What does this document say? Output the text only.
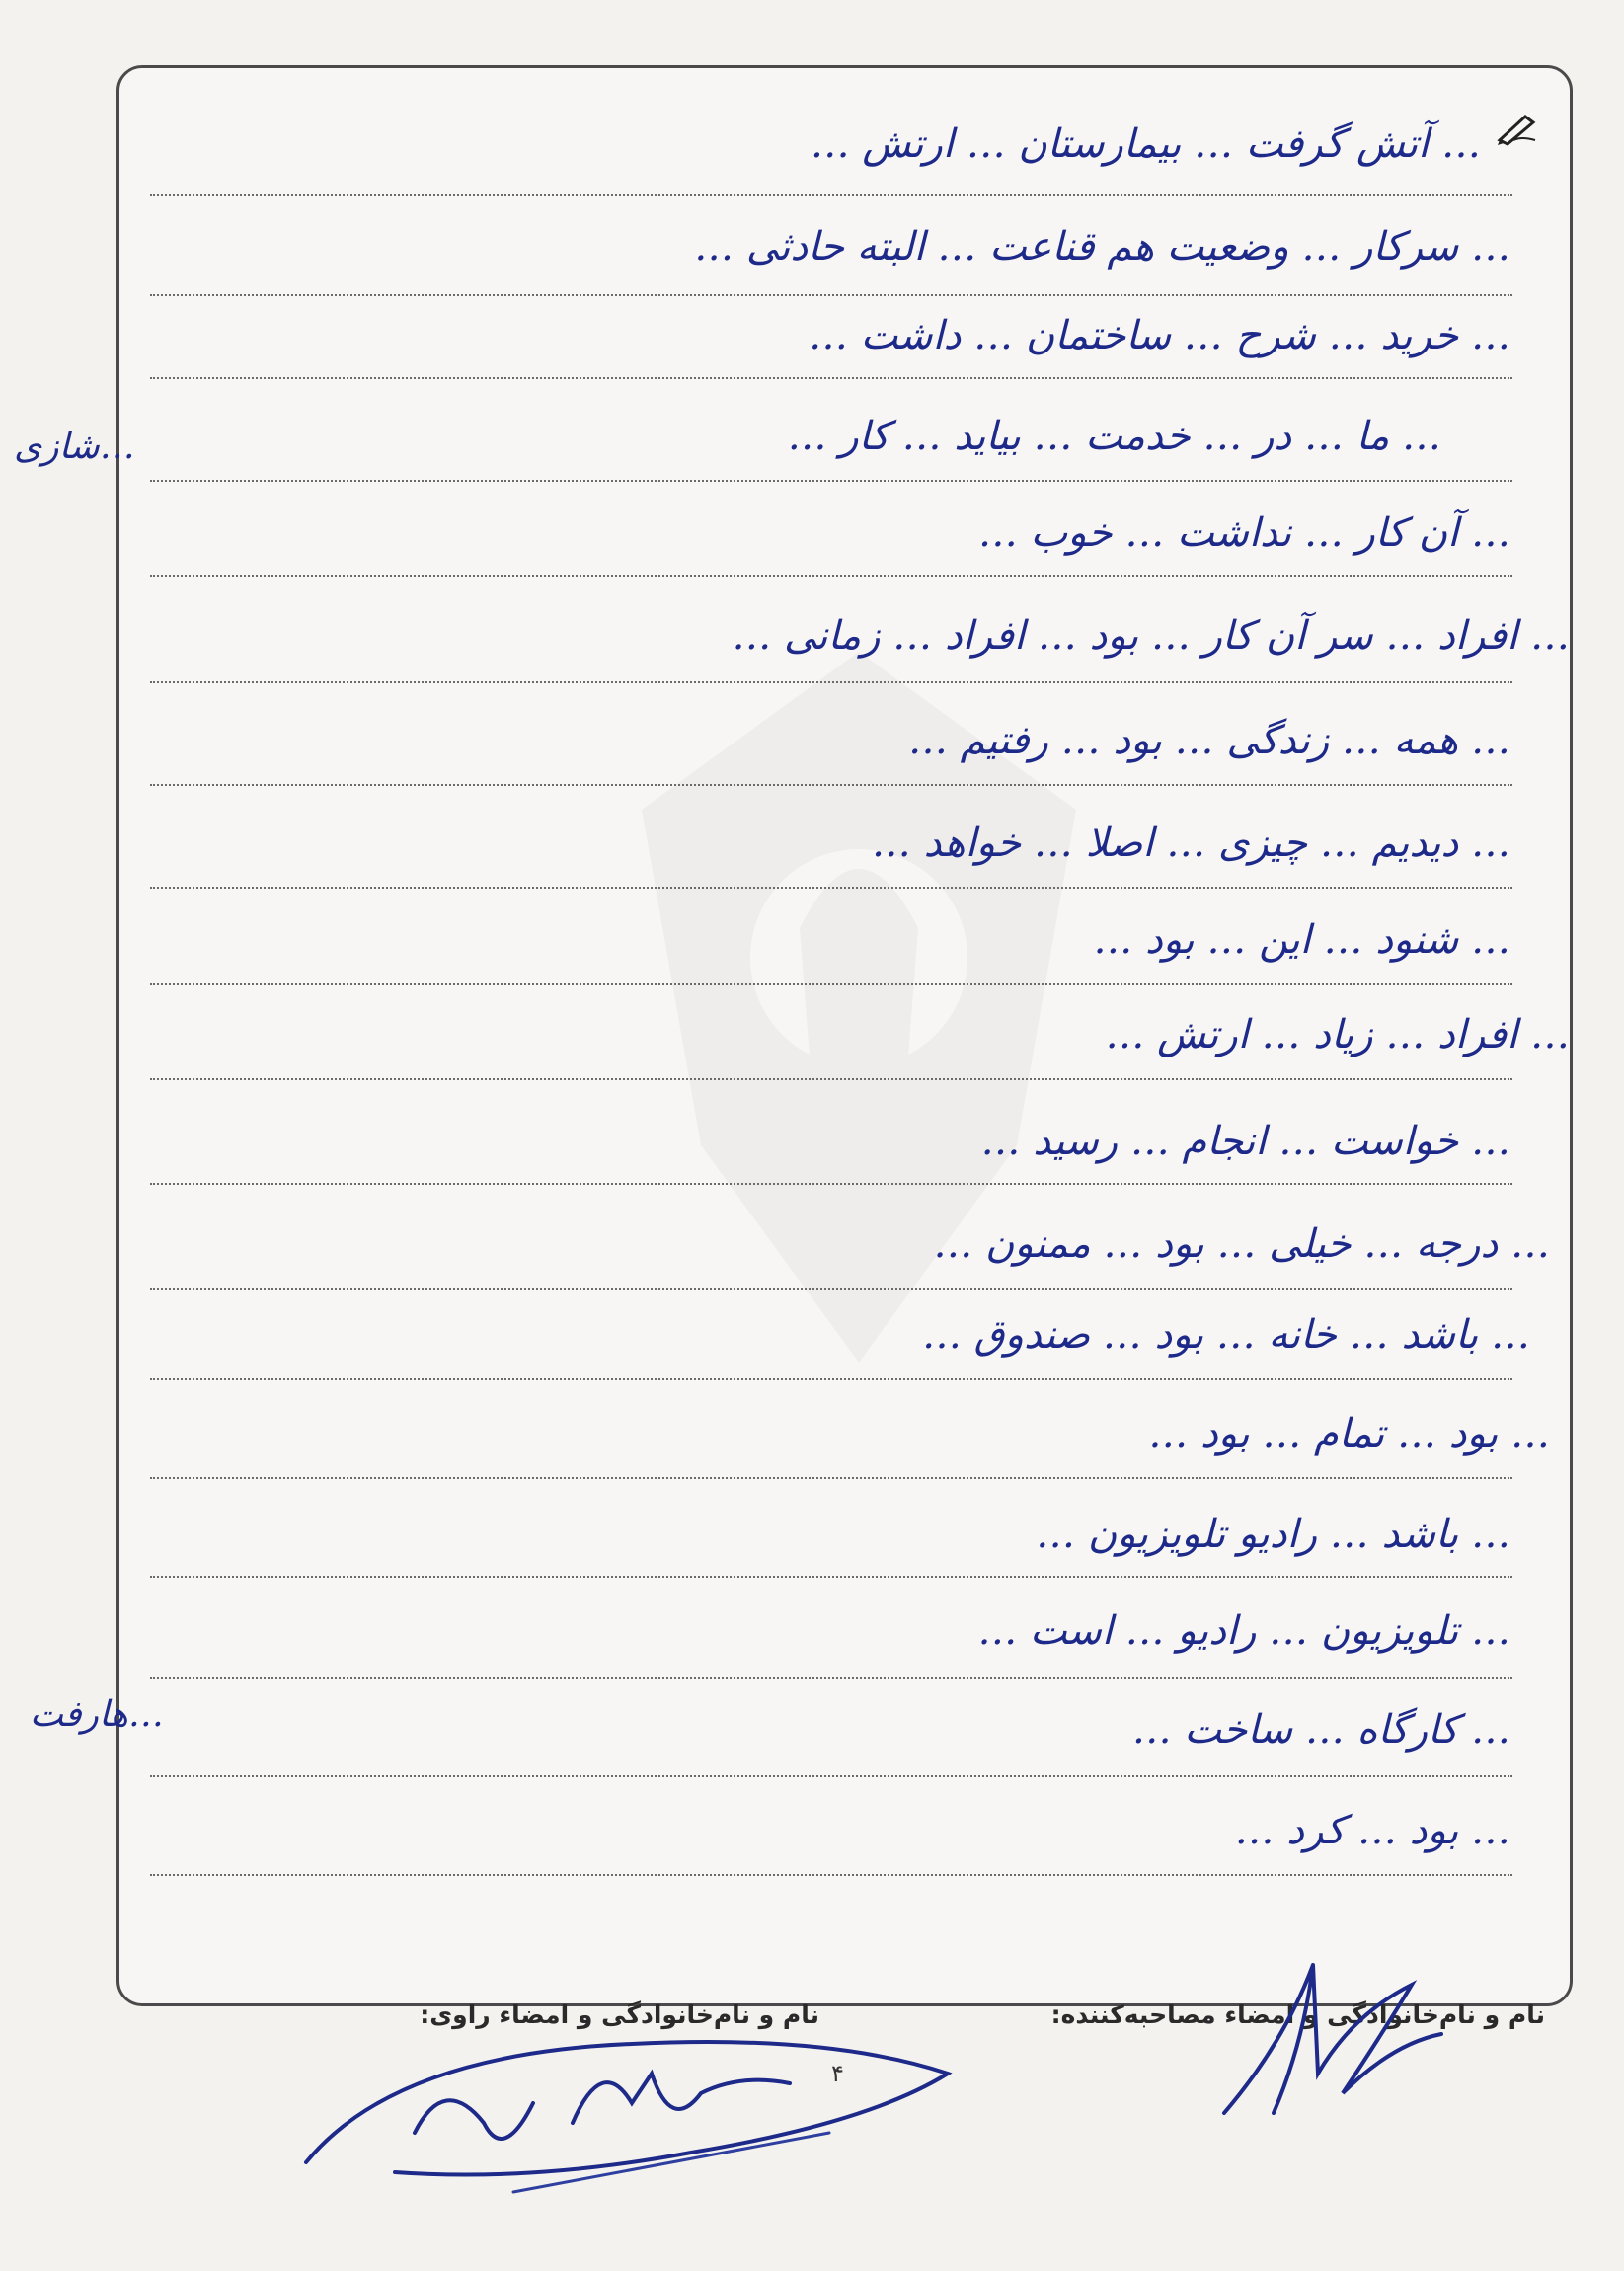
… آتش گرفت … بیمارستان … ارتش …
… سرکار … وضعیت هم قناعت … البته حادثی …
… خرید … شرح … ساختمان … داشت …
… ما … در … خدمت … بیاید … کار …
… آن کار … نداشت … خوب …
… افراد … سر آن کار … بود … افراد … زمانی …
… همه … زندگی … بود … رفتیم …
… دیدیم … چیزی … اصلا … خواهد …
… شنود … این … بود …
… افراد … زیاد … ارتش …
… خواست … انجام … رسید …
… درجه … خیلی … بود … ممنون …
… باشد … خانه … بود … صندوق …
… بود … تمام … بود …
… باشد … رادیو تلویزیون …
… تلویزیون … رادیو … است …
… کارگاه … ساخت …
… بود … کرد …
…شازی
…هارفت
نام و نام‌خانوادگی و امضاء مصاحبه‌کننده:
نام و نام‌خانوادگی و امضاء راوی:
۴
